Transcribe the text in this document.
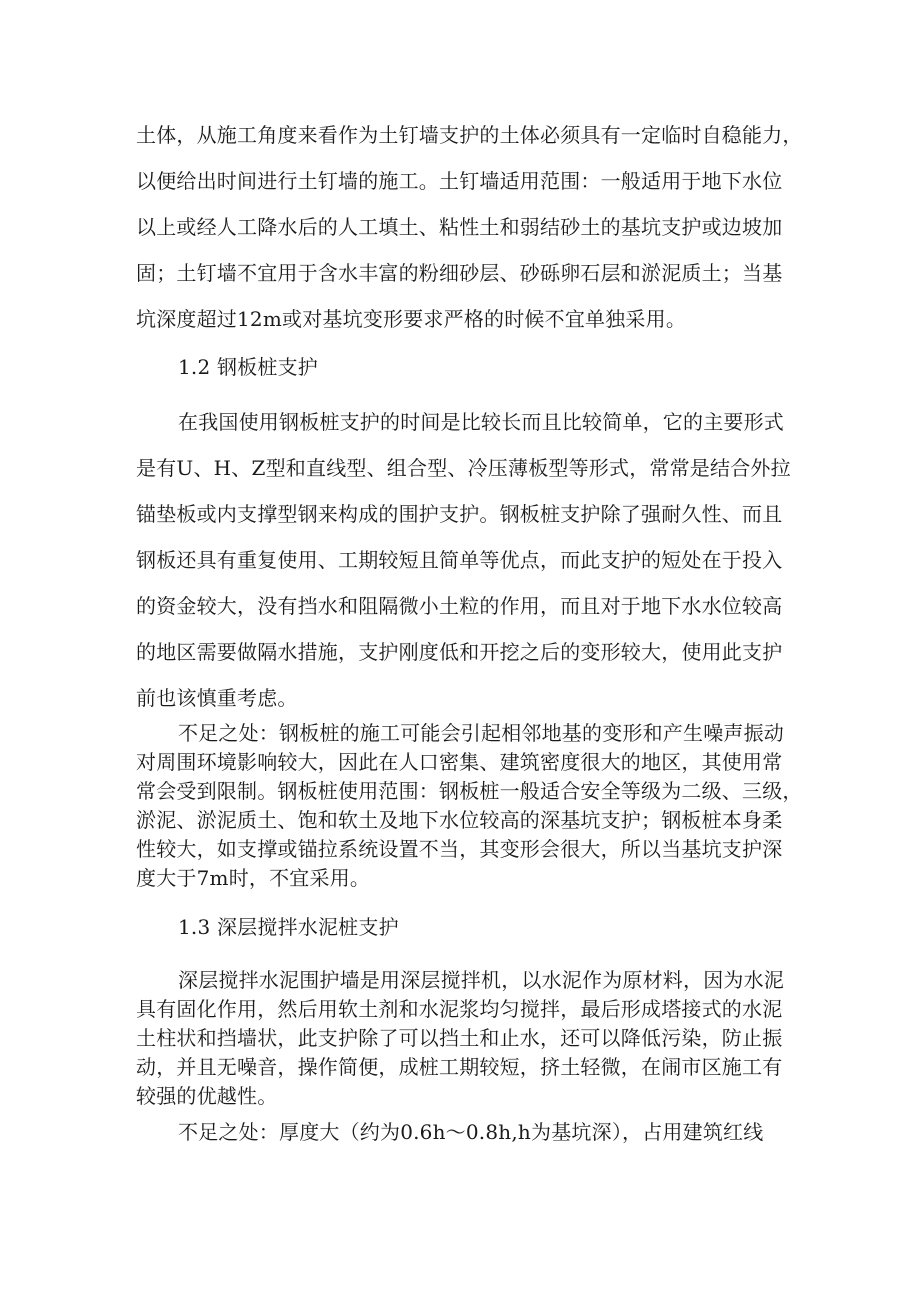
土体，从施工角度来看作为土钉墙支护的土体必须具有一定临时自稳能力，
以便给出时间进行土钉墙的施工。土钉墙适用范围：一般适用于地下水位
以上或经人工降水后的人工填土、粘性土和弱结砂土的基坑支护或边坡加
固；土钉墙不宜用于含水丰富的粉细砂层、砂砾卵石层和淤泥质土；当基
坑深度超过12m或对基坑变形要求严格的时候不宜单独采用。
1.2 钢板桩支护
在我国使用钢板桩支护的时间是比较长而且比较简单，它的主要形式
是有U、H、Z型和直线型、组合型、冷压薄板型等形式，常常是结合外拉
锚垫板或内支撑型钢来构成的围护支护。钢板桩支护除了强耐久性、而且
钢板还具有重复使用、工期较短且简单等优点，而此支护的短处在于投入
的资金较大，没有挡水和阻隔微小土粒的作用，而且对于地下水水位较高
的地区需要做隔水措施，支护刚度低和开挖之后的变形较大，使用此支护
前也该慎重考虑。
不足之处：钢板桩的施工可能会引起相邻地基的变形和产生噪声振动
对周围环境影响较大，因此在人口密集、建筑密度很大的地区，其使用常
常会受到限制。钢板桩使用范围：钢板桩一般适合安全等级为二级、三级，
淤泥、淤泥质土、饱和软土及地下水位较高的深基坑支护；钢板桩本身柔
性较大，如支撑或锚拉系统设置不当，其变形会很大，所以当基坑支护深
度大于7m时，不宜采用。
1.3 深层搅拌水泥桩支护
深层搅拌水泥围护墙是用深层搅拌机，以水泥作为原材料，因为水泥
具有固化作用，然后用软土剂和水泥浆均匀搅拌，最后形成塔接式的水泥
土柱状和挡墙状，此支护除了可以挡土和止水，还可以降低污染，防止振
动，并且无噪音，操作简便，成桩工期较短，挤土轻微，在闹市区施工有
较强的优越性。
不足之处：厚度大（约为0.6h～0.8h,h为基坑深），占用建筑红线
